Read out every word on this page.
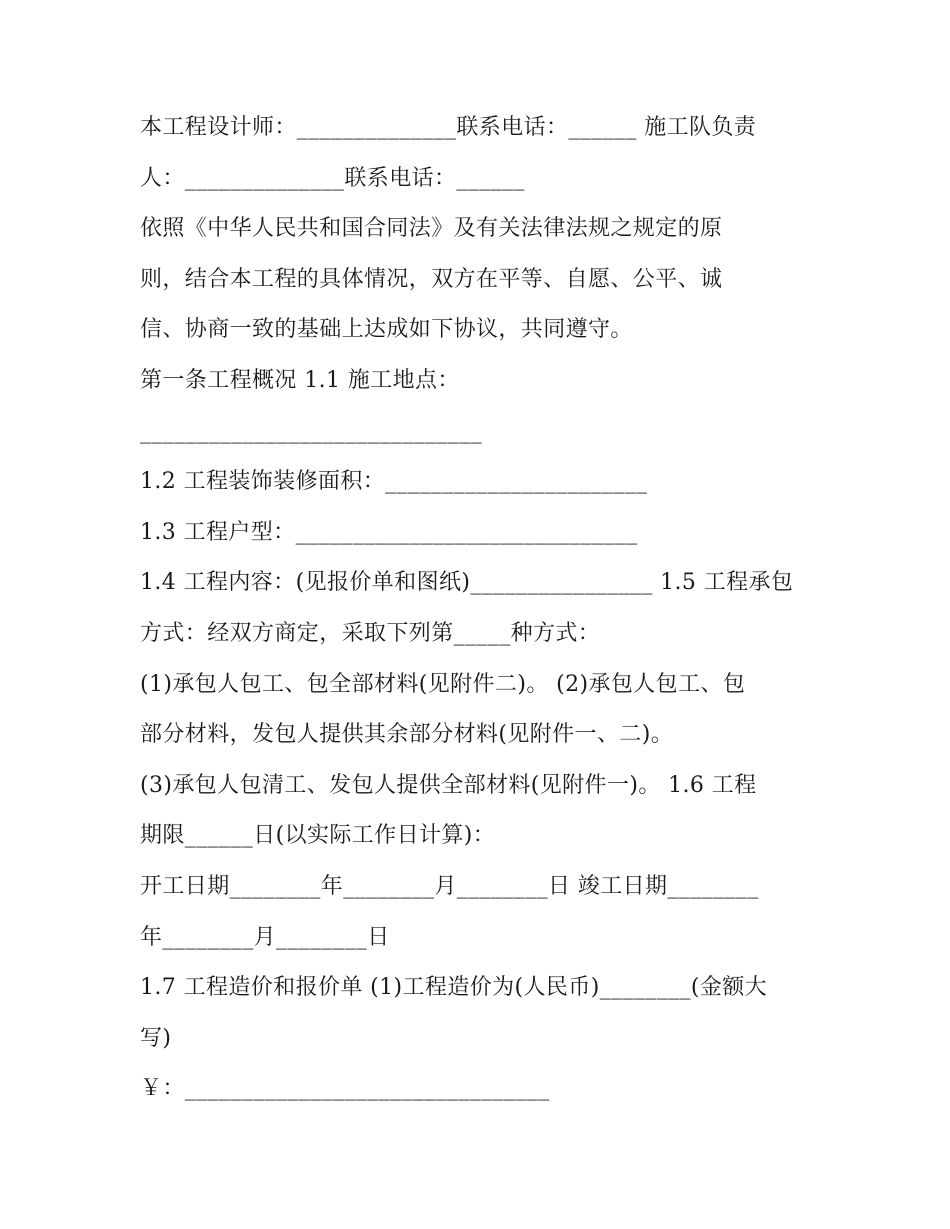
本工程设计师：______________联系电话：______ 施工队负责
人：______________联系电话：______
依照《中华人民共和国合同法》及有关法律法规之规定的原
则，结合本工程的具体情况，双方在平等、自愿、公平、诚
信、协商一致的基础上达成如下协议，共同遵守。
第一条工程概况 1.1 施工地点：
______________________________
1.2 工程装饰装修面积：_______________________
1.3 工程户型：______________________________
1.4 工程内容：(见报价单和图纸)________________ 1.5 工程承包
方式：经双方商定，采取下列第_____种方式：
(1)承包人包工、包全部材料(见附件二)。 (2)承包人包工、包
部分材料，发包人提供其余部分材料(见附件一、二)。
(3)承包人包清工、发包人提供全部材料(见附件一)。 1.6 工程
期限______日(以实际工作日计算)：
开工日期________年________月________日 竣工日期________
年________月________日
1.7 工程造价和报价单 (1)工程造价为(人民币)________(金额大
写)
￥：________________________________
